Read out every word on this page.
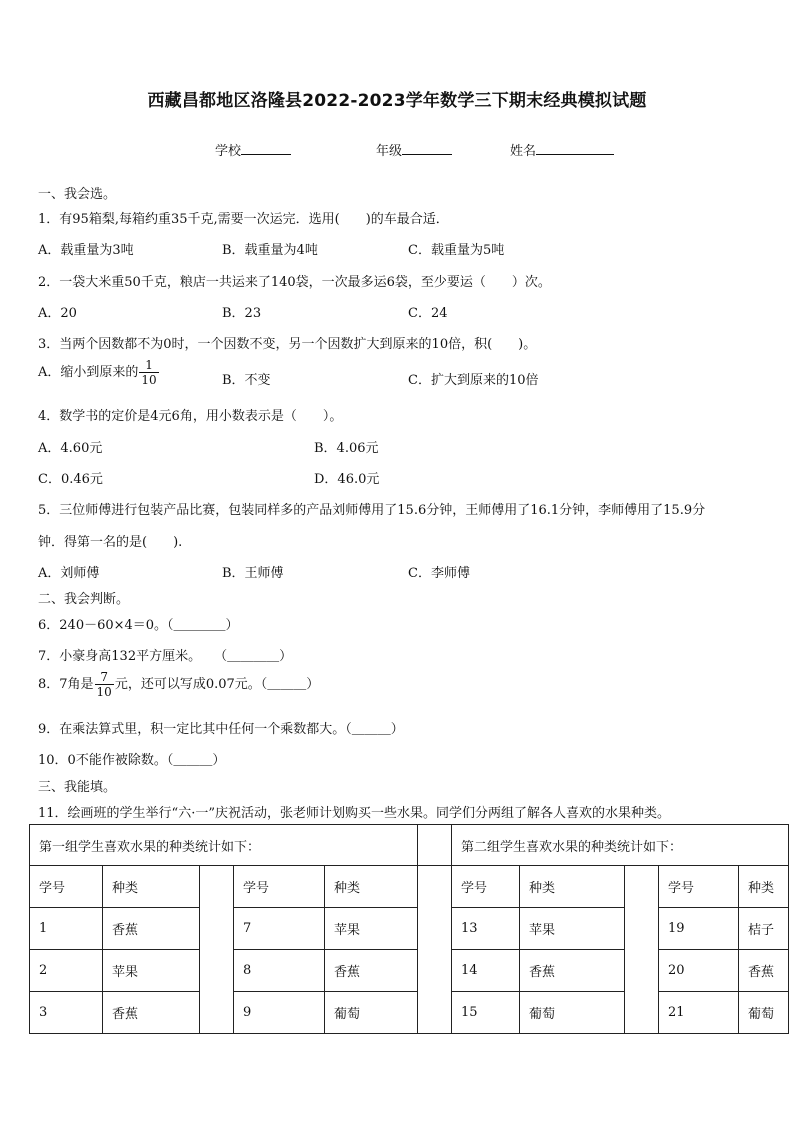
西藏昌都地区洛隆县2022-2023学年数学三下期末经典模拟试题
学校	年级	姓名
一、我会选。
1．有95箱梨,每箱约重35千克,需要一次运完．选用(　　)的车最合适．
A．载重量为3吨	B．载重量为4吨	C．载重量为5吨
2．一袋大米重50千克，粮店一共运来了140袋，一次最多运6袋，至少要运（　　）次。
A．20	B．23	C．24
3．当两个因数都不为0时，一个因数不变，另一个因数扩大到原来的10倍，积(　　)。
A．缩小到原来的 $\frac{1}{10}$	B．不变	C．扩大到原来的10倍
4．数学书的定价是4元6角，用小数表示是（　　）。
A．4.60元	B．4.06元
C．0.46元	D．46.0元
5．三位师傅进行包装产品比赛，包装同样多的产品刘师傅用了15.6分钟，王师傅用了16.1分钟，李师傅用了15.9分
钟．得第一名的是(　　).
A．刘师傅	B．王师傅	C．李师傅
二、我会判断。
6．240－60×4＝0。（＿＿＿＿）
7．小豪身高132平方厘米。　　（＿＿＿＿）
8．7角是 $\frac{7}{10}$ 元，还可以写成0.07元。（＿＿＿）
9．在乘法算式里，积一定比其中任何一个乘数都大。（＿＿＿）
10．0不能作被除数。（＿＿＿）
三、我能填。
11．绘画班的学生举行“六·一”庆祝活动，张老师计划购买一些水果。同学们分两组了解各人喜欢的水果种类。
第一组学生喜欢水果的种类统计如下：						第二组学生喜欢水果的种类统计如下：				
学号	种类		学号	种类		学号	种类		学号	种类
1	香蕉		7	苹果		13	苹果		19	桔子
2	苹果		8	香蕉		14	香蕉		20	香蕉
3	香蕉		9	葡萄		15	葡萄		21	葡萄
